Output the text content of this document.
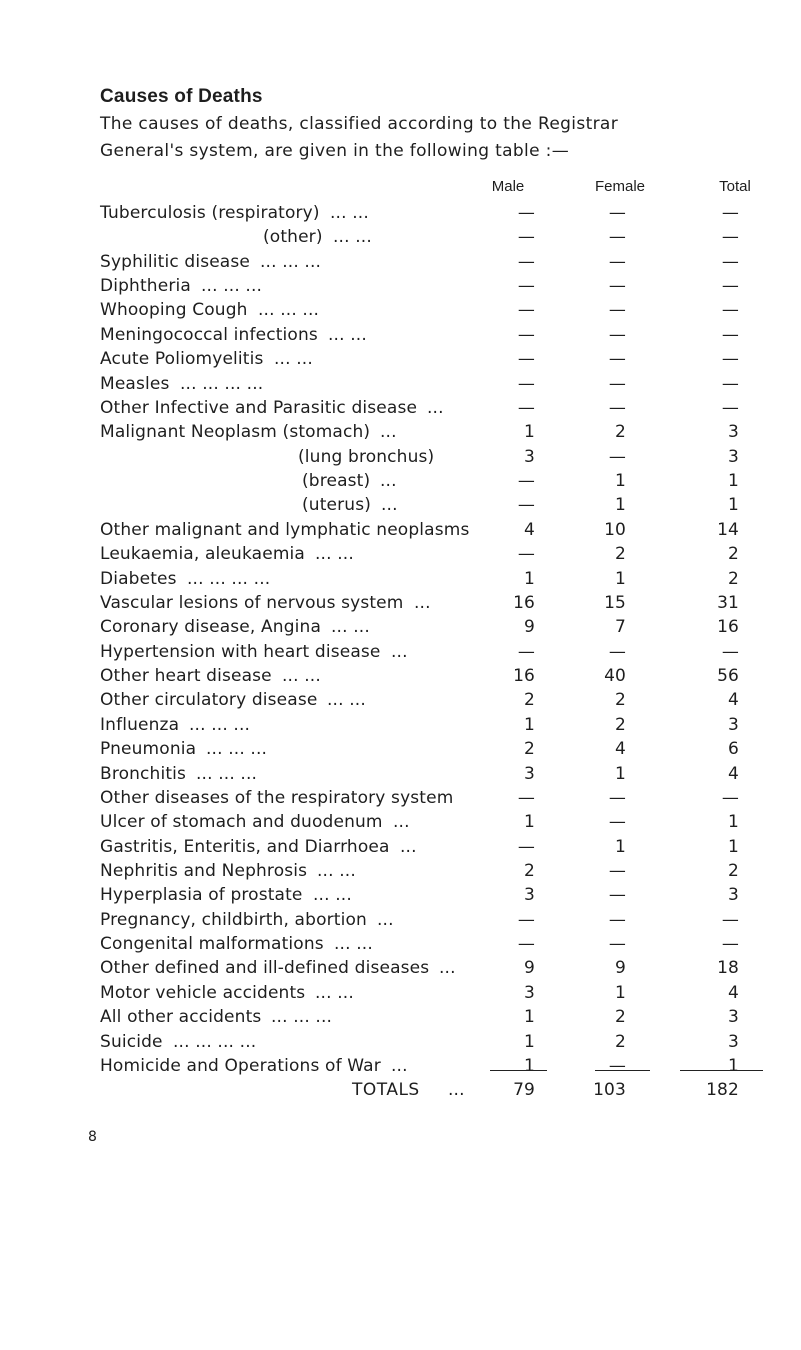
Causes of Deaths
The causes of deaths, classified according to the Registrar
General's system, are given in the following table :—
Male	Female	Total
Tuberculosis (respiratory) ... ...	—	—	—
(other) ... ...	—	—	—
Syphilitic disease ... ... ...	—	—	—
Diphtheria ... ... ...	—	—	—
Whooping Cough ... ... ...	—	—	—
Meningococcal infections ... ...	—	—	—
Acute Poliomyelitis ... ...	—	—	—
Measles ... ... ... ...	—	—	—
Other Infective and Parasitic disease ...	—	—	—
Malignant Neoplasm (stomach) ...	1	2	3
(lung bronchus)	3	—	3
(breast) ...	—	1	1
(uterus) ...	—	1	1
Other malignant and lymphatic neoplasms	4	10	14
Leukaemia, aleukaemia ... ...	—	2	2
Diabetes ... ... ... ...	1	1	2
Vascular lesions of nervous system ...	16	15	31
Coronary disease, Angina ... ...	9	7	16
Hypertension with heart disease ...	—	—	—
Other heart disease ... ...	16	40	56
Other circulatory disease ... ...	2	2	4
Influenza ... ... ...	1	2	3
Pneumonia ... ... ...	2	4	6
Bronchitis ... ... ...	3	1	4
Other diseases of the respiratory system	—	—	—
Ulcer of stomach and duodenum ...	1	—	1
Gastritis, Enteritis, and Diarrhoea ...	—	1	1
Nephritis and Nephrosis ... ...	2	—	2
Hyperplasia of prostate ... ...	3	—	3
Pregnancy, childbirth, abortion ...	—	—	—
Congenital malformations ... ...	—	—	—
Other defined and ill-defined diseases ...	9	9	18
Motor vehicle accidents ... ...	3	1	4
All other accidents ... ... ...	1	2	3
Suicide ... ... ... ...	1	2	3
Homicide and Operations of War ...	1	—	1
TOTALS ...	79	103	182
8
